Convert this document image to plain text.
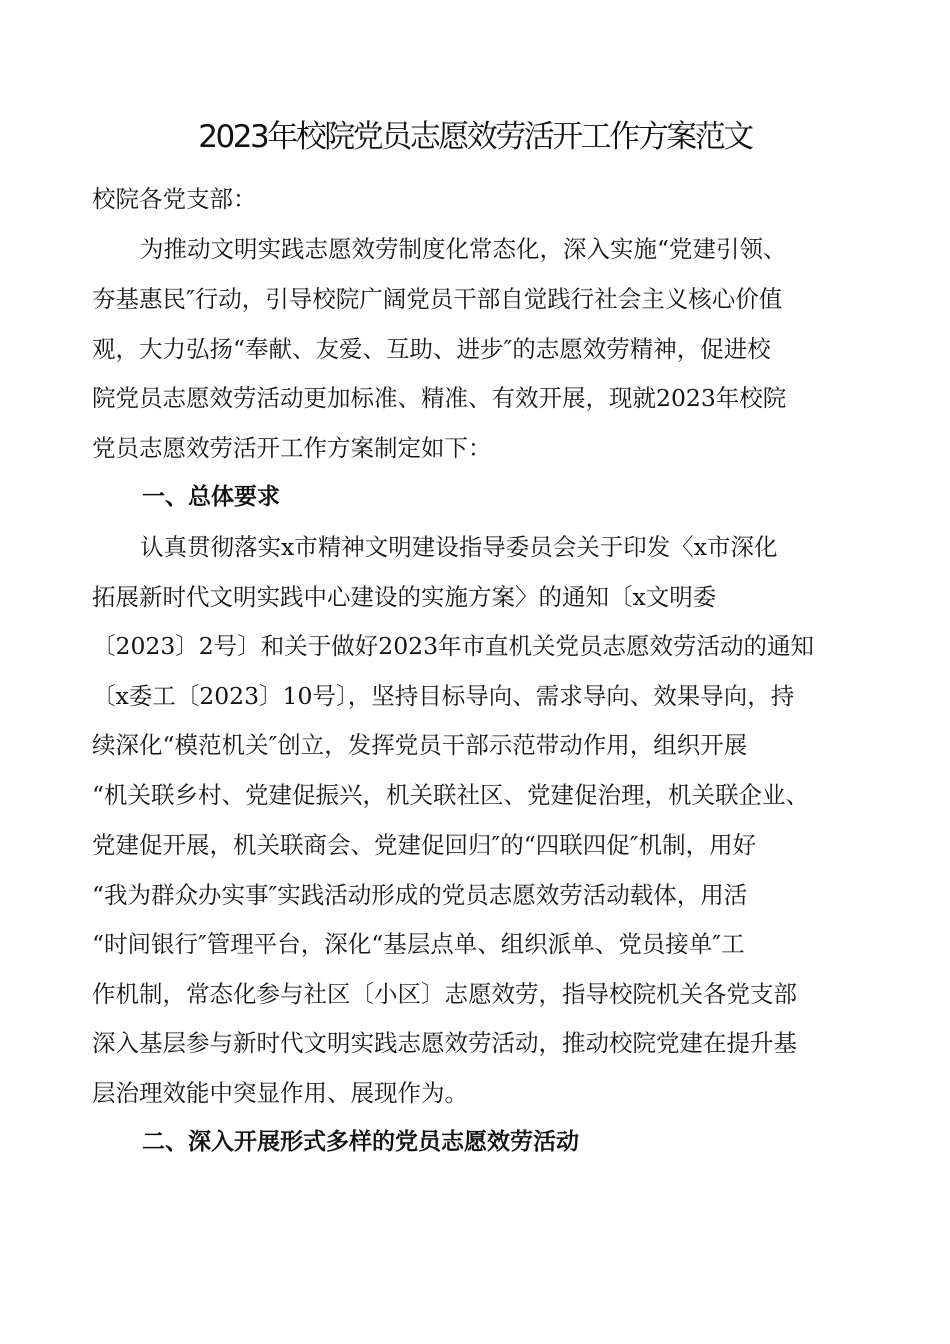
2023年校院党员志愿效劳活开工作方案范文
校院各党支部：
为推动文明实践志愿效劳制度化常态化，深入实施“党建引领、
夯基惠民″行动，引导校院广阔党员干部自觉践行社会主义核心价值
观，大力弘扬“奉献、友爱、互助、进步″的志愿效劳精神，促进校
院党员志愿效劳活动更加标准、精准、有效开展，现就2023年校院
党员志愿效劳活开工作方案制定如下：
一、总体要求
认真贯彻落实x市精神文明建设指导委员会关于印发〈x市深化
拓展新时代文明实践中心建设的实施方案〉的通知〔x文明委
〔2023〕2号〕和关于做好2023年市直机关党员志愿效劳活动的通知
〔x委工〔2023〕10号〕，坚持目标导向、需求导向、效果导向，持
续深化“模范机关″创立，发挥党员干部示范带动作用，组织开展
“机关联乡村、党建促振兴，机关联社区、党建促治理，机关联企业、
党建促开展，机关联商会、党建促回归″的“四联四促″机制，用好
“我为群众办实事″实践活动形成的党员志愿效劳活动载体，用活
“时间银行″管理平台，深化“基层点单、组织派单、党员接单″工
作机制，常态化参与社区〔小区〕志愿效劳，指导校院机关各党支部
深入基层参与新时代文明实践志愿效劳活动，推动校院党建在提升基
层治理效能中突显作用、展现作为。
二、深入开展形式多样的党员志愿效劳活动
